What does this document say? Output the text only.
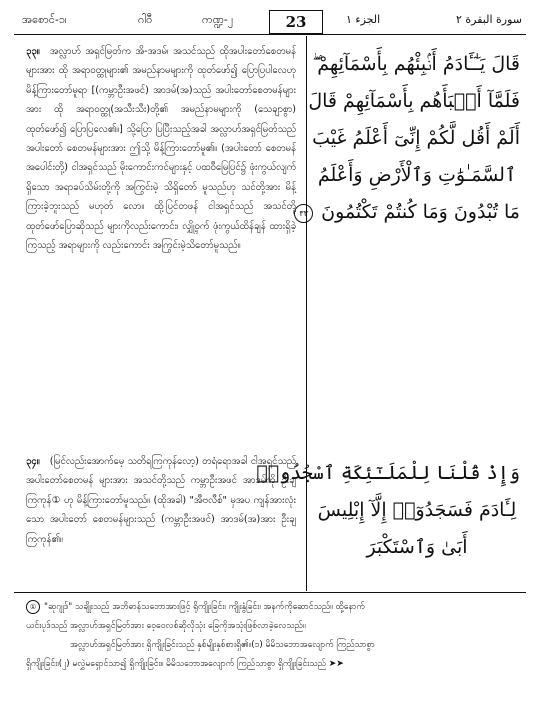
အစောင်-၁၊	ဂါဝီ	ကဏ္ဍ-၂	23	الجزء ١	سورة البقرة ٢
၃၃။ အလ္လာဟ် အရှင်မြတ်က အိ-အဒမ်၊ အသင်သည် ထိုအပါးတော်စေတမန်များအား ထို အရာဝတ္ထုများ၏ အမည်နာမများကို ထုတ်ဖော်၍ ပြောပြပါလေဟု မိန့်ကြားတော်မူရာ [(ကမ္ဘာဦးအဖင်) အာဒမ်(အ)သည် အပါးတော်စေတမန်များအား ထို အရာဝတ္ထု(အသီးသီး)တို့၏ အမည်နာမများကို (သေချာစွာ) ထုတ်ဖော်၍ ပြောပြလေ၏။] သို့ပြော ပြပြီးသည့်အခါ အလ္လာဟ်အရှင်မြတ်သည် အပါးတော် စေတမန်များအား ဤသို့ မိန့်ကြားတော်မူ၏။ (အပါးတော် စေတမန်အပေါင်းတို့) ငါအရှင်သည် မိုးကောင်းကင်များနှင့် ပထဝီမြေပြင်၌ ဖုံးကွယ်လျက် ရှိသော အရာခပ်သိမ်းတို့ကို အကြွင်းမဲ့ သိရှိတော် မူသည်ဟု သင်တို့အား မိန့်ကြားခဲ့ဘူးသည် မဟုတ် လော။ ထို့ပြင်တဖန် ငါအရှင်သည် အသင်တို့ ထုတ်ဖော်ပြောဆိုသည် များကိုလည်းကောင်း၊ လျှို့ဝှက် ဖုံးကွယ်ထိန်ချန် ထားရှိခဲ့ကြသည့် အရာများကို လည်းကောင်း အကြွင်းမဲ့သိတော်မူသည်။
قَالَ يَـٰٓـَٔادَمُ أَنۢبِئْهُم بِأَسْمَآئِهِمْ ۖ
فَلَمَّآ أَنۢبَأَهُم بِأَسْمَآئِهِمْ قَالَ
أَلَمْ أَقُل لَّكُمْ إِنِّىٓ أَعْلَمُ غَيْبَ
ٱلسَّمَـٰوَٰتِ وَٱلْأَرْضِ وَأَعْلَمُ
مَا تُبْدُونَ وَمَا كُنتُمْ تَكْتُمُونَ ٣٣
၃၄။ (မြင်လည်းအောက်မေ့ သတိရကြကုန်လော့) တရံရောအခါ ငါအရှင်သည် အပါးတော်စေတမန် များအား အသင်တို့သည် ကမ္ဘာဦးအဖင် အာဒမ်ကို ဦးချကြကုန်① ဟု မိန့်ကြားတော်မူသည်။ (ထိုအခါ) "အီဗလီစ်" မှအပ ကျန်အားလုံးသော အပါးတော် စေတမန်များသည် (ကမ္ဘာဦးအဖင်) အာဒမ်(အ)အား ဦးချကြကုန်၏။
وَإِذْ قُلْنَا لِلْمَلَـٰٓئِكَةِ ٱسْجُدُوا۟
لِـَٔادَمَ فَسَجَدُوٓا۟ إِلَّآ إِبْلِيسَ
أَبَىٰ وَٱسْتَكْبَرَ
① "ဆုဂျုဒ်" သချိုးသည် အဘိဓာန်သဘောအားဖြင့် ရိုကျိုးခြင်း၊ ကျိုးနွံခြင်း၊ အနက်ကိုဆောင်သည်။ ထို့နောက်
ယင်းပုဒ်သည် အလ္လာဟ်အရှင်မြတ်အား ဝေ့ဝေလစ်ဆိုလိုသုံး ခြေကိုအသုံးဖြစ်လာခဲ့လေသည်။
အလ္လာဟ်အရှင်မြတ်အား ရှိကျိုးခြင်းသည် နှစ်မျိုးနှစ်စားရှိ၏။(၁) မိမိသဘောအလျောက် ကြည်သာစွာ
ရှိကျိုးခြင်း၊(၂) မလွှဲမရှောင်သာ၍ ရှိကျိုးခြင်း။ မိမိသဘောအလျောက် ကြည်သာစွာ ရှိကျိုးခြင်းသည် ➤➤
